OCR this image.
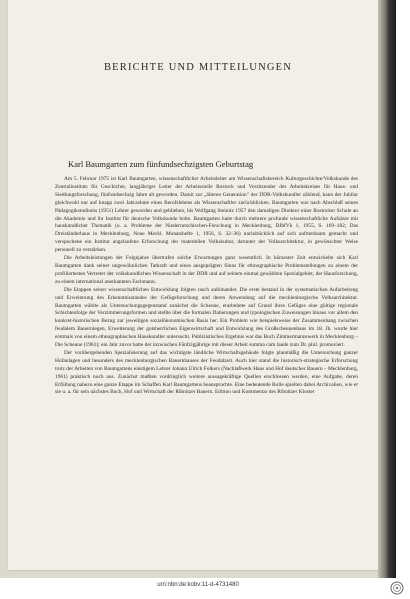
BERICHTE UND MITTEILUNGEN
Karl Baumgarten zum fünfundsechzigsten Geburtstag

Am 5. Februar 1975 ist Karl Baumgarten, wissenschaftlicher Arbeitsleiter am Wissenschaftsbereich Kulturgeschichte/Volkskunde des Zentralinstituts für Geschichte, langjähriger Leiter der Arbeitsstelle Rostock und Vorsitzender des Arbeitskreises für Haus- und Siedlungsforschung, fünfundsechzig Jahre alt geworden. Damit zur „älteren Generation" der DDR-Volkskundler zählend, kann der Jubilar gleichwohl nur auf knapp zwei Jahrzehnte eines Berufslebens als Wissenschaftler zurückblicken. Baumgarten war nach Abschluß seines Pädagogikstudiums (1951) Lehrer geworden und geblieben, bis Wolfgang Steinitz 1957 den damaligen Direktor einer Rostocker Schule an die Akademie und ihr Institut für deutsche Volkskunde holte. Baumgarten hatte durch mehrere profunde wissenschaftliche Aufsätze mit hauskundlicher Thematik (u. a. Probleme der Niederrutschischen-Forschung in Mecklenburg, DJbfVk 1, 1955, S. 169–182; Das Dreiständerhaus in Mecklenburg, Neue Meckl. Monatshefte 1, 1956, S. 32–36) nachdrücklich auf sich aufmerksam gemacht und verspochene ein Institut angelaufene Erforschung der materiellen Volkskultur, darunter der Volksarchitektur, in gewünschter Weise personell zu verstärken.

Die Arbeitsleistungen der Folgejahre übertrafen solche Erwartungen ganz wesentlich. In kürzester Zeit entwickelte sich Karl Baumgarten dank seiner ungewöhnlichen Tatkraft und eines ausgeprägten Sinns für ethnographische Problemstellungen zu einem der profiliertesten Vertreter der volkskundlichen Wissenschaft in der DDR und auf seinem einmal gewählten Spezialgebiet, der Hausforschung, zu einem international anerkannten Fachmann.

Die Etappen seiner wissenschaftlichen Entwicklung folgten rasch aufeinander. Die erste bestand in der systematischen Aufarbeitung und Erweiterung des Erkenntnisstandes der Gefügeforschung und deren Anwendung auf die mecklenburgische Volksarchitektur. Baumgarten wählte als Untersuchungsgegenstand zunächst die Scheune, erarbeitete auf Grund ihres Gefüges eine gültige regionale Schichtenfolge der Verzimmerungsformen und stellte über die formalen Datierungen und typologischen Zuweisungen hinaus vor allem den konkret-historischen Bezug zur jeweiligen sozialökonomischen Basis her. Ein Problem wie beispielsweise der Zusammenhang zwischen feudalem Bauernlegen, Erweiterung der gutsherrlichen Eigenwirtschaft und Entwicklung des Großscheunenbaus im 18. Jh. wurde hier erstmals von einem ethnographischen Hauskundler untersucht. Publizistisches Ergebnis war das Buch Zimmermannswerk in Mecklenburg – Die Scheune (1961); ein Jahr zuvor hatte der inzwischen Fünfzigjährige mit dieser Arbeit summa cum laude zum Dr. phil. promoviert.

Der vorübergehenden Spezialisierung auf das wichtigste ländliche Wirtschaftsgebäude folgte planmäßig die Untersuchung ganzer Hofanlagen und besonders des mecklenburgischen Bauernhauses der Feudalzeit. Auch hier stand die historisch-strategische Erforschung trotz der Arbeiten von Baumgartens einstigem Lehrer Johann Ulrich Folkers (Nachlaßwerk Haus und Hof deutscher Bauern – Mecklenburg, 1961) praktisch noch aus. Zunächst mußten vordringlich weitere aussagekräftige Quellen erschlossen werden, eine Aufgabe, deren Erfüllung nahezu eine ganze Etappe im Schaffen Karl Baumgartens beanspruchte. Eine bedeutende Rolle spielten dabei Archivalien, wie er sie u. a. für sein nächstes Buch, Hof und Wirtschaft der Ribnitzer Bauern. Edition und Kommentar des Ribnitzer Kloster

urn:nbn:de:kobv:11-d-4731480
